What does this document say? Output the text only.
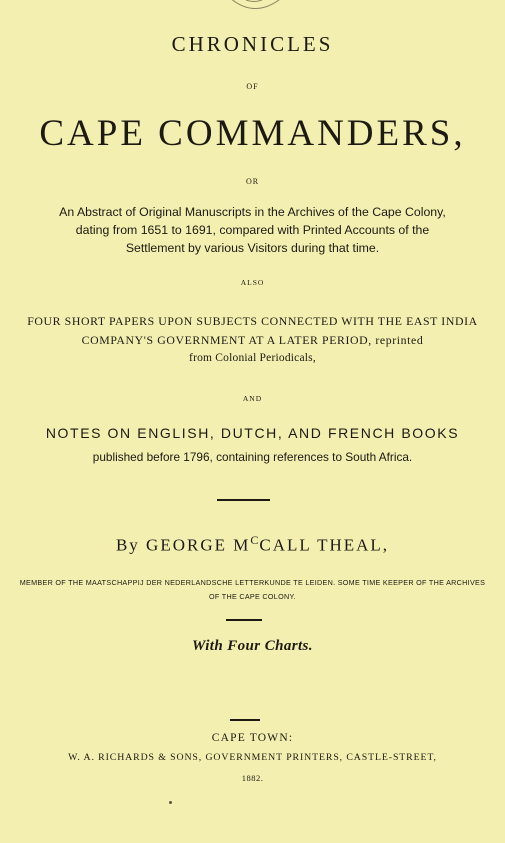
CHRONICLES
OF
CAPE COMMANDERS,
OR
An Abstract of Original Manuscripts in the Archives of the Cape Colony,
dating from 1651 to 1691, compared with Printed Accounts of the
Settlement by various Visitors during that time.
ALSO
FOUR SHORT PAPERS UPON SUBJECTS CONNECTED WITH THE EAST INDIA
COMPANY'S GOVERNMENT AT A LATER PERIOD, reprinted
from Colonial Periodicals,
AND
NOTES ON ENGLISH, DUTCH, AND FRENCH BOOKS
published before 1796, containing references to South Africa.
By GEORGE $M^CCALL$ THEAL,
MEMBER OF THE MAATSCHAPPIJ DER NEDERLANDSCHE LETTERKUNDE TE LEIDEN. SOME TIME KEEPER OF THE ARCHIVES
OF THE CAPE COLONY.
With Four Charts.
CAPE TOWN:
W. A. RICHARDS & SONS, GOVERNMENT PRINTERS, CASTLE-STREET,
1882.
